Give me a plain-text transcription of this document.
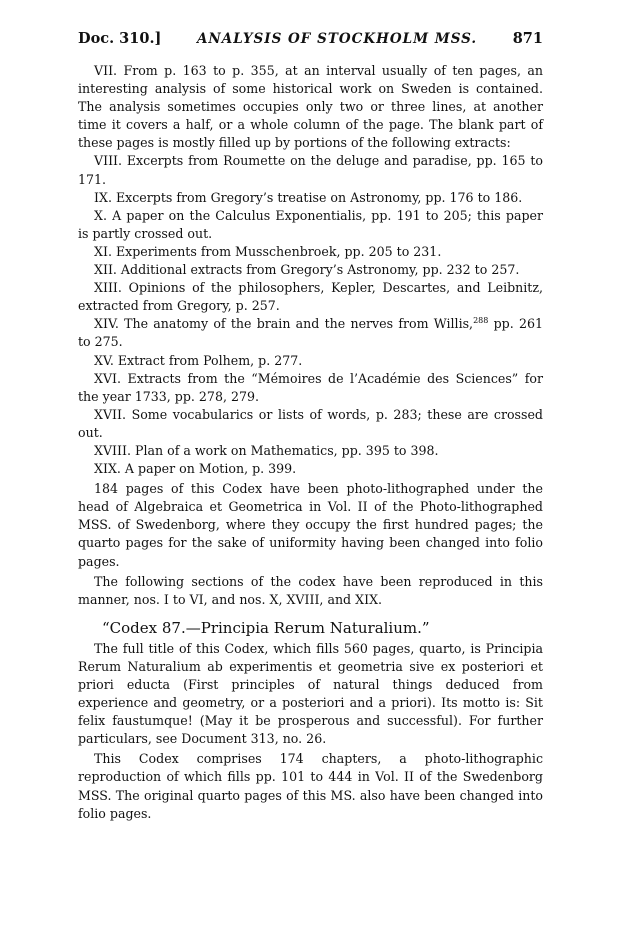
Doc. 310.]	ANALYSIS OF STOCKHOLM MSS. 871

VII. From p. 163 to p. 355, at an interval usually of ten pages, an interesting analysis of some historical work on Sweden is contained. The analysis sometimes occupies only two or three lines, at another time it covers a half, or a whole column of the page. The blank part of these pages is mostly filled up by portions of the following extracts:

VIII. Excerpts from Roumette on the deluge and paradise, pp. 165 to 171.

IX. Excerpts from Gregory’s treatise on Astronomy, pp. 176 to 186.

X. A paper on the Calculus Exponentialis, pp. 191 to 205; this paper is partly crossed out.

XI. Experiments from Musschenbroek, pp. 205 to 231.

XII. Additional extracts from Gregory’s Astronomy, pp. 232 to 257.

XIII. Opinions of the philosophers, Kepler, Descartes, and Leibnitz, extracted from Gregory, p. 257.

XIV. The anatomy of the brain and the nerves from Willis,$^{288}$ pp. 261 to 275.

XV. Extract from Polhem, p. 277.

XVI. Extracts from the “Mémoires de l’Académie des Sciences” for the year 1733, pp. 278, 279.

XVII. Some vocabularics or lists of words, p. 283; these are crossed out.

XVIII. Plan of a work on Mathematics, pp. 395 to 398.

XIX. A paper on Motion, p. 399.

184 pages of this Codex have been photo-lithographed under the head of Algebraica et Geometrica in Vol. II of the Photo-lithographed MSS. of Swedenborg, where they occupy the first hundred pages; the quarto pages for the sake of uniformity having been changed into folio pages.

The following sections of the codex have been reproduced in this manner, nos. I to VI, and nos. X, XVIII, and XIX.

“Codex 87.—Principia Rerum Naturalium.”

The full title of this Codex, which fills 560 pages, quarto, is Principia Rerum Naturalium ab experimentis et geometria sive ex posteriori et priori educta (First principles of natural things deduced from experience and geometry, or a posteriori and a priori). Its motto is: Sit felix faustumque! (May it be prosperous and successful). For further particulars, see Document 313, no. 26.

This Codex comprises 174 chapters, a photo-lithographic reproduction of which fills pp. 101 to 444 in Vol. II of the Swedenborg MSS. The original quarto pages of this MS. also have been changed into folio pages.
